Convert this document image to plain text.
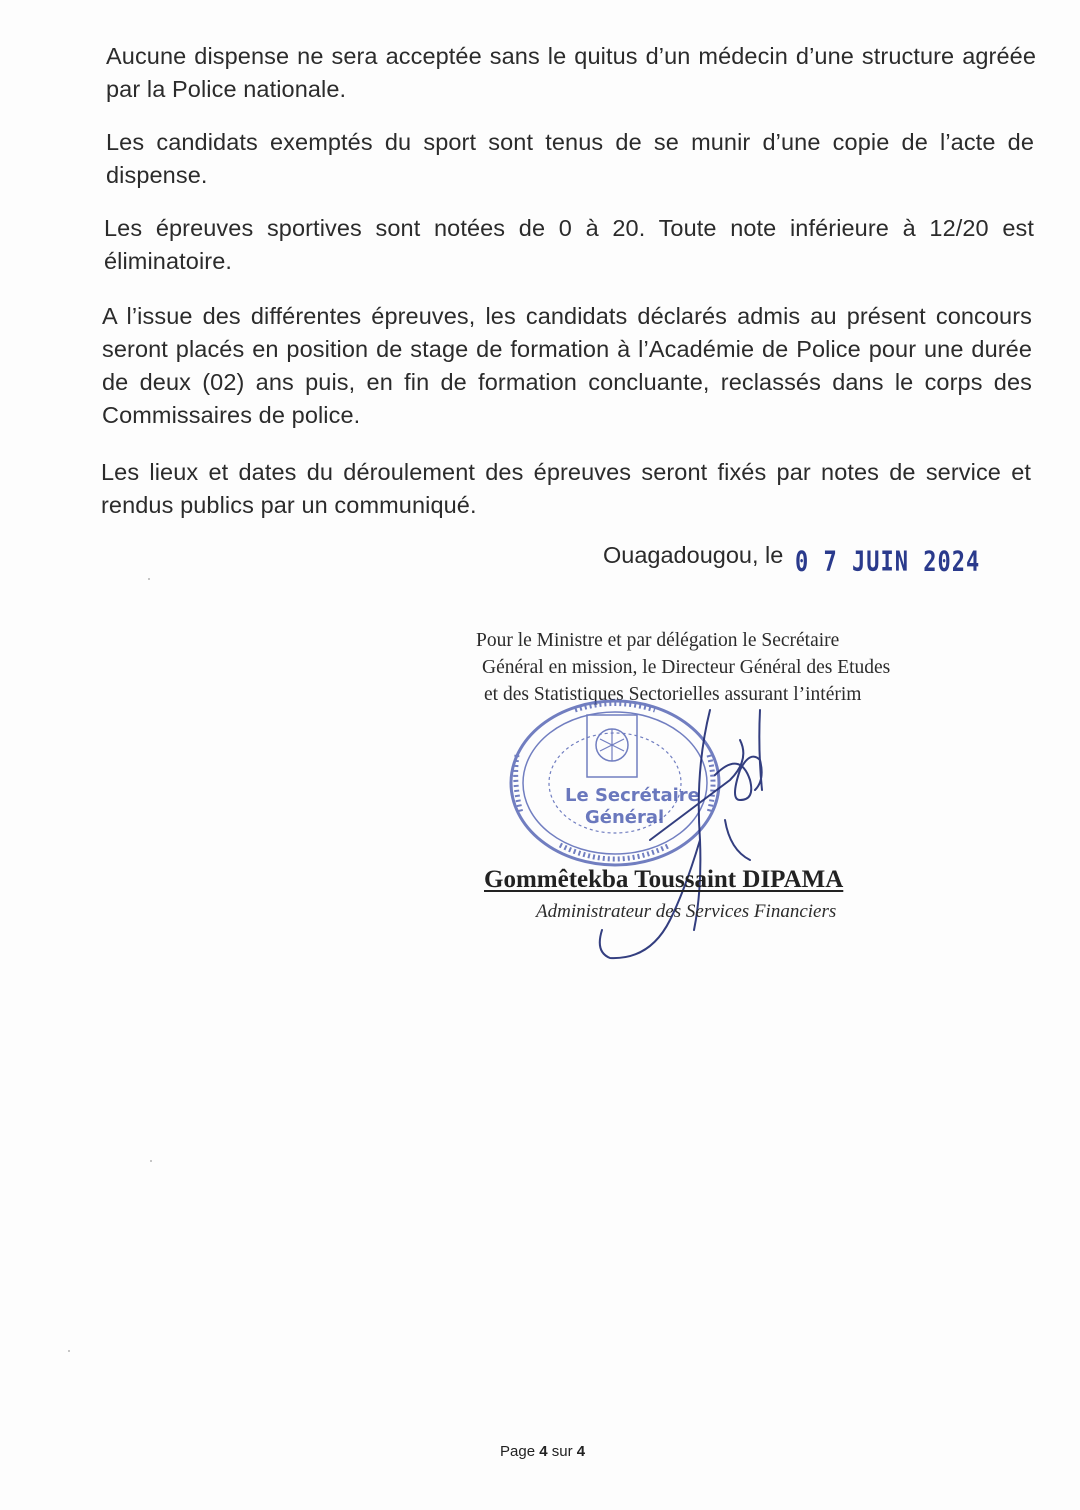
Aucune dispense ne sera acceptée sans le quitus d’un médecin d’une structure agréée par la Police nationale.

Les candidats exemptés du sport sont tenus de se munir d’une copie de l’acte de dispense.

Les épreuves sportives sont notées de 0 à 20. Toute note inférieure à 12/20 est éliminatoire.

A l’issue des différentes épreuves, les candidats déclarés admis au présent concours seront placés en position de stage de formation à l’Académie de Police pour une durée de deux (02) ans puis, en fin de formation concluante, reclassés dans le corps des Commissaires de police.

Les lieux et dates du déroulement des épreuves seront fixés par notes de service et rendus publics par un communiqué.

Ouagadougou, le 0 7 JUIN 2024

Pour le Ministre et par délégation le Secrétaire
Général en mission, le Directeur Général des Etudes
et des Statistiques Sectorielles assurant l’intérim

Le Secrétaire
Général
Gommêtekba Toussaint DIPAMA
Administrateur des Services Financiers
Page 4 sur 4
